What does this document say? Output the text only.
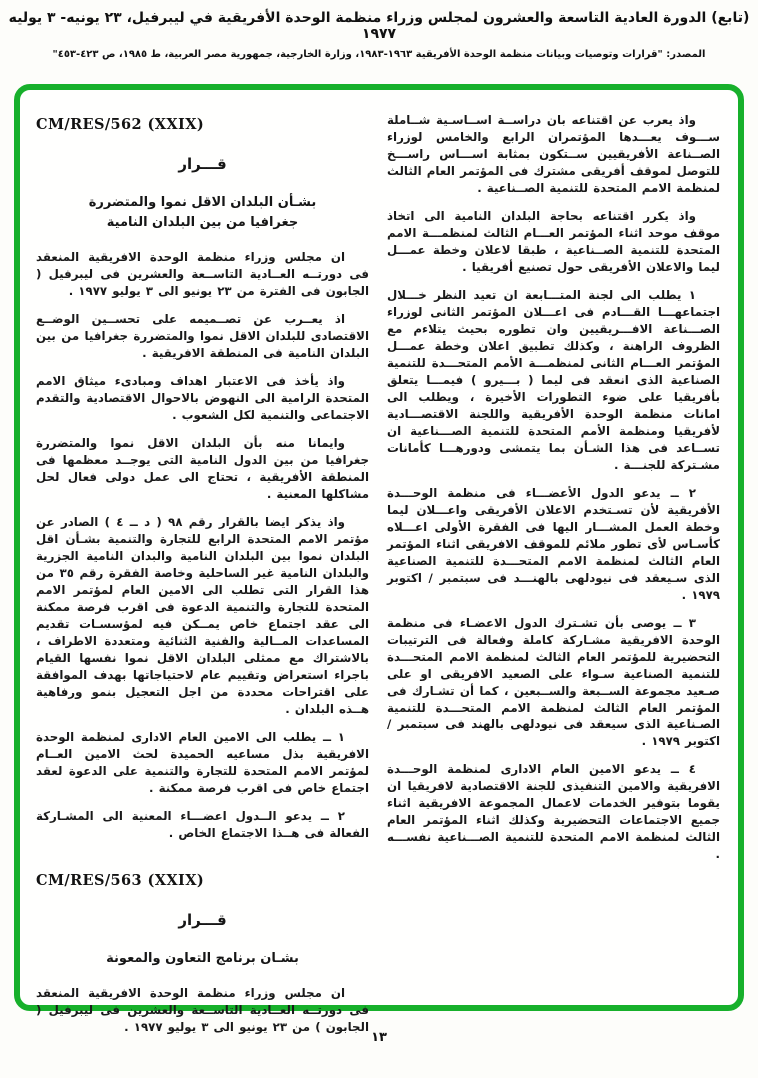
(تابع) الدورة العادية التاسعة والعشرون لمجلس وزراء منظمة الوحدة الأفريقية في ليبرفيل، ٢٣ يونيه- ٣ يوليه ١٩٧٧
المصدر: "قرارات وتوصيات وبيانات منظمة الوحدة الأفريقية ١٩٦٣-١٩٨٣، وزارة الخارجية، جمهورية مصر العربية، ط ١٩٨٥، ص ٤٢٣-٤٥٣"

واذ يعرب عن اقتناعه بان دراســة اســاسـية شــاملة ســـوف يعـــدها المؤتمران الرابع والخامس لوزراء الصــناعة الأفريقيين ســتكون بمثابة اســـاس راســـخ للتوصل لموقف أفريقى مشترك فى المؤتمر العام الثالث لمنظمة الامم المتحدة للتنمية الصــناعية .

واذ يكرر اقتناعه بحاجة البلدان النامية الى اتخاذ موقف موحد اثناء المؤتمر العـــام الثالث لمنظمـــة الامم المتحدة للتنمية الصــناعية ، طبقا لاعلان وخطة عمـــل ليما والاعلان الأفريقى حول تصنيع أفريقيا .

١ يطلب الى لجنة المتـــابعة ان تعيد النظر خـــلال اجتماعهـــا القـــادم فى اعـــلان المؤتمر الثانى لوزراء الصـــناعة الافـــريقيين وان تطوره بحيث يتلاءم مع الظروف الراهنة ، وكذلك تطبيق اعلان وخطة عمـــل المؤتمر العـــام الثانى لمنظمـــة الأمم المتحـــدة للتنمية الصناعية الذى انعقد فى ليما ( بـــيرو ) فيمـــا يتعلق بأفريقيا على ضوء التطورات الأخيرة ، ويطلب الى امانات منظمة الوحدة الأفريقية واللجنة الاقتصـــادية لأفريقيا ومنظمة الأمم المتحدة للتنمية الصـــناعية ان تســاعد فى هذا الشـأن بما يتمشى ودورهـــا كأمانات مشـتركة للجنـــة .

٢ ــ يدعو الدول الأعضـــاء فى منظمة الوحـــدة الأفريقية لأن تسـتخدم الاعلان الأفريقى واعـــلان ليما وخطة العمل المشـــار اليها فى الفقرة الأولى اعـــلاه كأسـاس لأى تطور ملائم للموقف الافريقى اثناء المؤتمر العام الثالث لمنظمة الامم المتحـــدة للتنمية الصناعية الذى سـيعقد فى نيودلهى بالهنـــد فى سبتمبر / اكتوبر ١٩٧٩ .

٣ ــ يوصى بأن تشـترك الدول الاعضـاء فى منظمة الوحدة الافريقية مشـاركة كاملة وفعالة فى الترتيبات التحضيرية للمؤتمر العام الثالث لمنظمة الامم المتحـــدة للتنمية الصناعية سـواء على الصعيد الافريقى او على صـعيد مجموعة الســبعة والســبعين ، كما أن تشـارك فى المؤتمر العام الثالث لمنظمة الامم المتحـــدة للتنمية الصـناعية الذى سيعقد فى نيودلهى بالهند فى سبتمبر / اكتوبر ١٩٧٩ .

٤ ــ يدعو الامين العام الادارى لمنظمة الوحـــدة الافريقية والامين التنفيذى للجنة الاقتصادية لافريقيا ان يقوما بتوفير الخدمات لاعمال المجموعة الافريقية اثناء جميع الاجتماعات التحضيرية وكذلك اثناء المؤتمر العام الثالث لمنظمة الامم المتحدة للتنمية الصـــناعية نفســـه .

CM/RES/562 (XXIX)
قـــرار
بشـأن البلدان الاقل نموا والمتضررة
جغرافيا من بين البلدان النامية

ان مجلس وزراء منظمة الوحدة الافريقية المنعقد فى دورتــه العــادية التاســعة والعشرين فى ليبرفيل ( الجابون فى الفترة من ٢٣ يونيو الى ٣ يوليو ١٩٧٧ .

اذ يعــرب عن تصــميمه على تحســين الوضــع الاقتصادى للبلدان الاقل نموا والمتضررة جغرافيا من بين البلدان النامية فى المنطقة الافريقية .

واذ يأخذ فى الاعتبار اهداف ومبادىء ميثاق الامم المتحدة الرامية الى النهوض بالاحوال الاقتصادية والتقدم الاجتماعى والتنمية لكل الشعوب .

وايمانا منه بأن البلدان الاقل نموا والمتضررة جغرافيا من بين الدول النامية التى يوجــد معظمها فى المنطقة الأفريقية ، تحتاج الى عمل دولى فعال لحل مشاكلها المعنية .

واذ يذكر ايضا بالقرار رقم ٩٨ ( د ــ ٤ ) الصادر عن مؤتمر الامم المتحدة الرابع للتجارة والتنمية بشـأن اقل البلدان نموا بين البلدان النامية والبدان النامية الجزرية والبلدان النامية غير الساحلية وخاصة الفقرة رقم ٣٥ من هذا القرار التى تطلب الى الامين العام لمؤتمر الامم المتحدة للتجارة والتنمية الدعوة فى اقرب فرصة ممكنة الى عقد اجتماع خاص يمــكن فيه لمؤسسـات تقديم المساعدات المــالية والفنية الثنائية ومتعددة الاطراف ، بالاشتراك مع ممثلى البلدان الاقل نموا نفسها القيام باجراء استعراض وتقييم عام لاحتياجاتها بهدف الموافقة على اقتراحات محددة من اجل التعجيل بنمو ورفاهية هــذه البلدان .

١ ــ يطلب الى الامين العام الادارى لمنظمة الوحدة الافريقية بذل مساعيه الحميدة لحث الامين العــام لمؤتمر الامم المتحدة للتجارة والتنمية على الدعوة لعقد اجتماع خاص فى اقرب فرصة ممكنة .

٢ ــ يدعو الــدول اعضـــاء المعنية الى المشـاركة الفعالة فى هــذا الاجتماع الخاص .

CM/RES/563 (XXIX)
قـــرار
بشـان برنامج التعاون والمعونة

ان مجلس وزراء منظمة الوحدة الافريقية المنعقد فى دورتــه العــادية التاســعة والعشرين فى ليبرفيل ( الجابون ) من ٢٣ يونيو الى ٣ يوليو ١٩٧٧ .

١٣
